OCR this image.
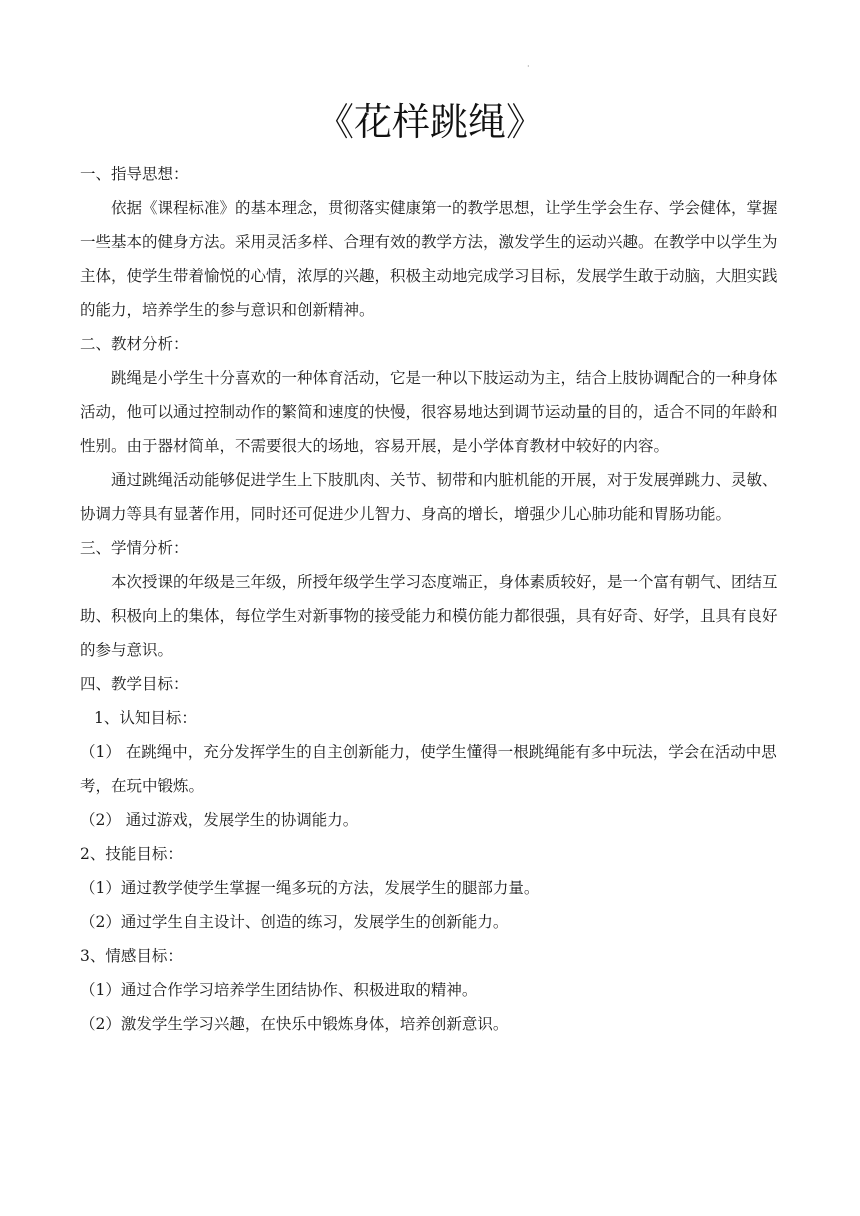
·
《花样跳绳》

一、指导思想：

依据《课程标准》的基本理念，贯彻落实健康第一的教学思想，让学生学会生存、学会健体，掌握一些基本的健身方法。采用灵活多样、合理有效的教学方法，激发学生的运动兴趣。在教学中以学生为主体，使学生带着愉悦的心情，浓厚的兴趣，积极主动地完成学习目标，发展学生敢于动脑，大胆实践的能力，培养学生的参与意识和创新精神。

二、教材分析：

跳绳是小学生十分喜欢的一种体育活动，它是一种以下肢运动为主，结合上肢协调配合的一种身体活动，他可以通过控制动作的繁简和速度的快慢，很容易地达到调节运动量的目的，适合不同的年龄和性别。由于器材简单，不需要很大的场地，容易开展，是小学体育教材中较好的内容。

通过跳绳活动能够促进学生上下肢肌肉、关节、韧带和内脏机能的开展，对于发展弹跳力、灵敏、协调力等具有显著作用，同时还可促进少儿智力、身高的增长，增强少儿心肺功能和胃肠功能。

三、学情分析：

本次授课的年级是三年级，所授年级学生学习态度端正，身体素质较好，是一个富有朝气、团结互助、积极向上的集体，每位学生对新事物的接受能力和模仿能力都很强，具有好奇、好学，且具有良好的参与意识。

四、教学目标：

1、认知目标：

（1） 在跳绳中，充分发挥学生的自主创新能力，使学生懂得一根跳绳能有多中玩法，学会在活动中思考，在玩中锻炼。

（2） 通过游戏，发展学生的协调能力。

2、技能目标：

（1）通过教学使学生掌握一绳多玩的方法，发展学生的腿部力量。

（2）通过学生自主设计、创造的练习，发展学生的创新能力。

3、情感目标：

（1）通过合作学习培养学生团结协作、积极进取的精神。

（2）激发学生学习兴趣，在快乐中锻炼身体，培养创新意识。
